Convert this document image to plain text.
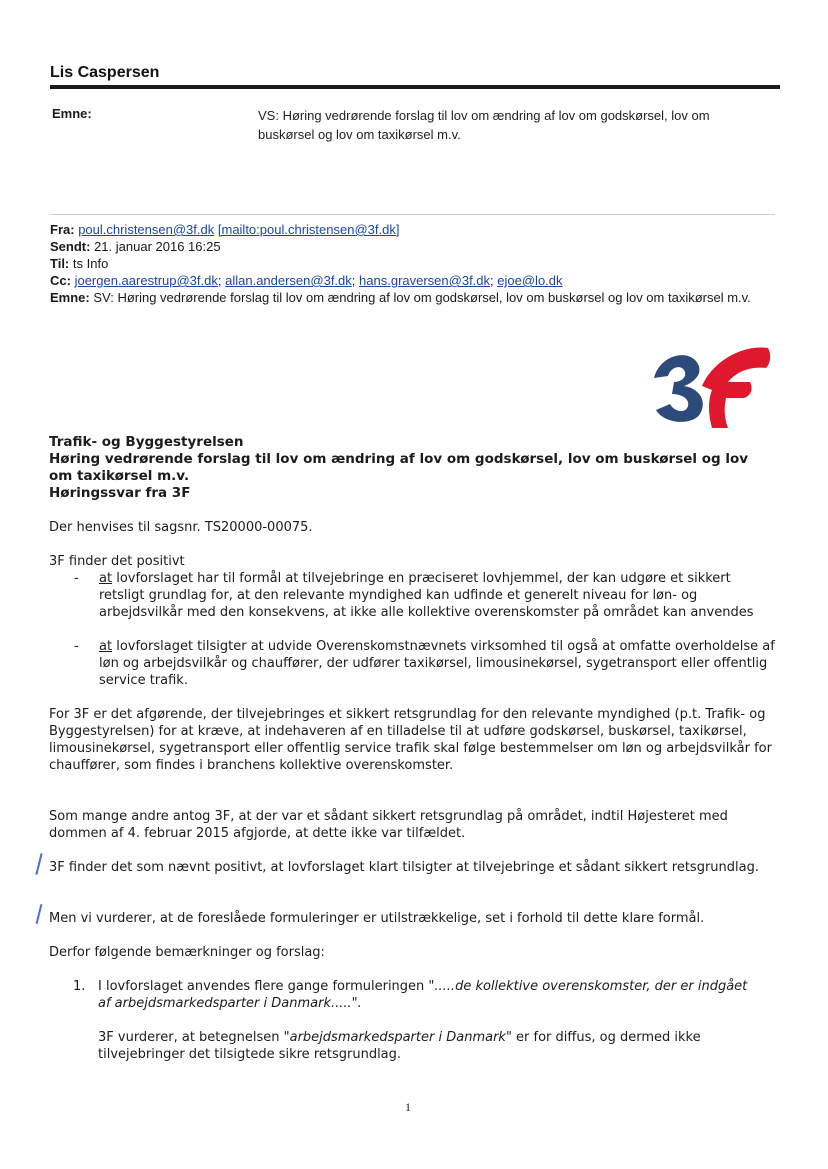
Lis Caspersen
Emne:	VS: Høring vedrørende forslag til lov om ændring af lov om godskørsel, lov om buskørsel og lov om taxikørsel m.v.
Fra: poul.christensen@3f.dk [mailto:poul.christensen@3f.dk]
Sendt: 21. januar 2016 16:25
Til: ts Info
Cc: joergen.aarestrup@3f.dk; allan.andersen@3f.dk; hans.graversen@3f.dk; ejoe@lo.dk
Emne: SV: Høring vedrørende forslag til lov om ændring af lov om godskørsel, lov om buskørsel og lov om taxikørsel m.v.
Trafik- og Byggestyrelsen
Høring vedrørende forslag til lov om ændring af lov om godskørsel, lov om buskørsel og lov om taxikørsel m.v.
Høringssvar fra 3F
Der henvises til sagsnr. TS20000-00075.
3F finder det positivt
- at lovforslaget har til formål at tilvejebringe en præciseret lovhjemmel, der kan udgøre et sikkert retsligt grundlag for, at den relevante myndighed kan udfinde et generelt niveau for løn- og arbejdsvilkår med den konsekvens, at ikke alle kollektive overenskomster på området kan anvendes
- at lovforslaget tilsigter at udvide Overenskomstnævnets virksomhed til også at omfatte overholdelse af løn og arbejdsvilkår og chauffører, der udfører taxikørsel, limousinekørsel, sygetransport eller offentlig service trafik.
For 3F er det afgørende, der tilvejebringes et sikkert retsgrundlag for den relevante myndighed (p.t. Trafik- og Byggestyrelsen) for at kræve, at indehaveren af en tilladelse til at udføre godskørsel, buskørsel, taxikørsel, limousinekørsel, sygetransport eller offentlig service trafik skal følge bestemmelser om løn og arbejdsvilkår for chauffører, som findes i branchens kollektive overenskomster.
Som mange andre antog 3F, at der var et sådant sikkert retsgrundlag på området, indtil Højesteret med dommen af 4. februar 2015 afgjorde, at dette ikke var tilfældet.
3F finder det som nævnt positivt, at lovforslaget klart tilsigter at tilvejebringe et sådant sikkert retsgrundlag.
Men vi vurderer, at de foreslåede formuleringer er utilstrækkelige, set i forhold til dette klare formål.
Derfor følgende bemærkninger og forslag:
1. I lovforslaget anvendes flere gange formuleringen ".....de kollektive overenskomster, der er indgået af arbejdsmarkedsparter i Danmark.....".
3F vurderer, at betegnelsen "arbejdsmarkedsparter i Danmark" er for diffus, og dermed ikke tilvejebringer det tilsigtede sikre retsgrundlag.
1
